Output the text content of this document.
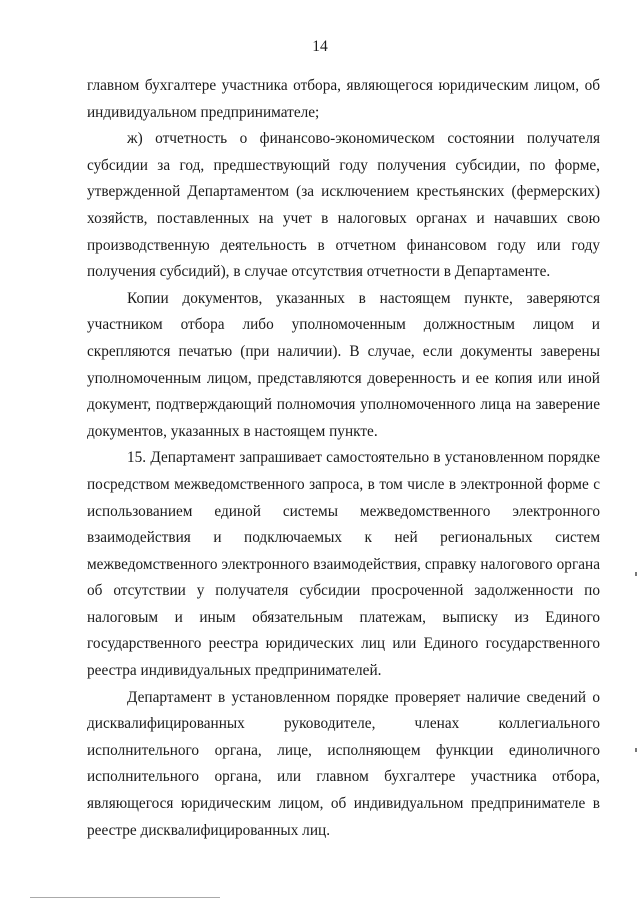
14

главном бухгалтере участника отбора, являющегося юридическим лицом, об индивидуальном предпринимателе;

ж) отчетность о финансово-экономическом состоянии получателя субсидии за год, предшествующий году получения субсидии, по форме, утвержденной Департаментом (за исключением крестьянских (фермерских) хозяйств, поставленных на учет в налоговых органах и начавших свою производственную деятельность в отчетном финансовом году или году получения субсидий), в случае отсутствия отчетности в Департаменте.

Копии документов, указанных в настоящем пункте, заверяются участником отбора либо уполномоченным должностным лицом и скрепляются печатью (при наличии). В случае, если документы заверены уполномоченным лицом, представляются доверенность и ее копия или иной документ, подтверждающий полномочия уполномоченного лица на заверение документов, указанных в настоящем пункте.

15. Департамент запрашивает самостоятельно в установленном порядке посредством межведомственного запроса, в том числе в электронной форме с использованием единой системы межведомственного электронного взаимодействия и подключаемых к ней региональных систем межведомственного электронного взаимодействия, справку налогового органа об отсутствии у получателя субсидии просроченной задолженности по налоговым и иным обязательным платежам, выписку из Единого государственного реестра юридических лиц или Единого государственного реестра индивидуальных предпринимателей.

Департамент в установленном порядке проверяет наличие сведений о дисквалифицированных руководителе, членах коллегиального исполнительного органа, лице, исполняющем функции единоличного исполнительного органа, или главном бухгалтере участника отбора, являющегося юридическим лицом, об индивидуальном предпринимателе в реестре дисквалифицированных лиц.
